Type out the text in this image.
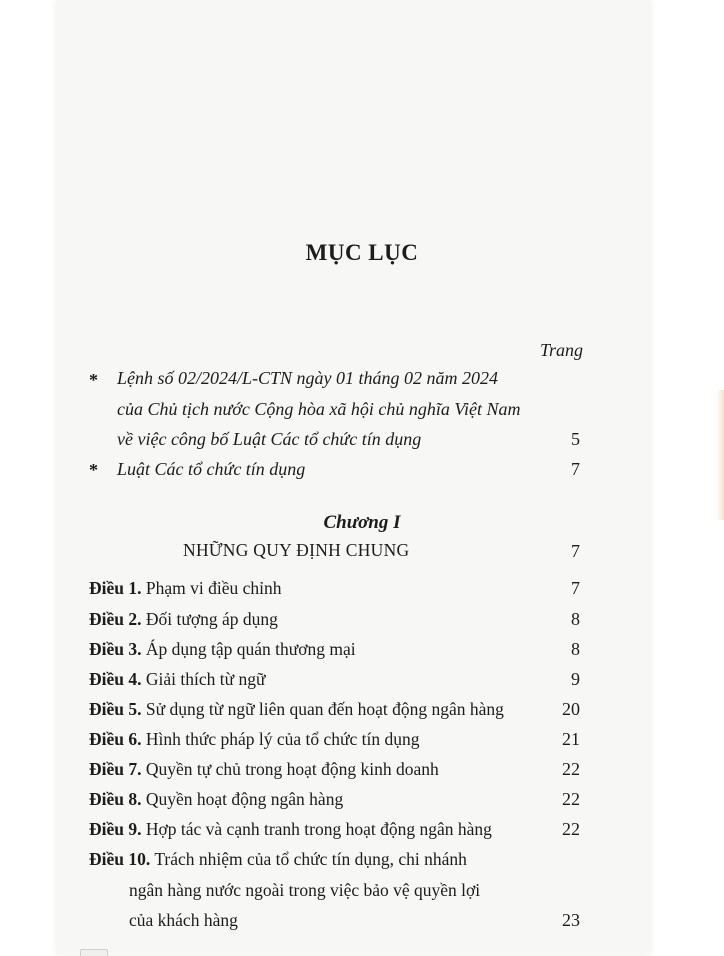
MỤC LỤC
Trang
* Lệnh số 02/2024/L-CTN ngày 01 tháng 02 năm 2024
của Chủ tịch nước Cộng hòa xã hội chủ nghĩa Việt Nam
về việc công bố Luật Các tổ chức tín dụng	5
* Luật Các tổ chức tín dụng	7
Chương I
NHỮNG QUY ĐỊNH CHUNG	7
Điều 1. Phạm vi điều chỉnh	7
Điều 2. Đối tượng áp dụng	8
Điều 3. Áp dụng tập quán thương mại	8
Điều 4. Giải thích từ ngữ	9
Điều 5. Sử dụng từ ngữ liên quan đến hoạt động ngân hàng	20
Điều 6. Hình thức pháp lý của tổ chức tín dụng	21
Điều 7. Quyền tự chủ trong hoạt động kinh doanh	22
Điều 8. Quyền hoạt động ngân hàng	22
Điều 9. Hợp tác và cạnh tranh trong hoạt động ngân hàng	22
Điều 10. Trách nhiệm của tổ chức tín dụng, chi nhánh
ngân hàng nước ngoài trong việc bảo vệ quyền lợi
của khách hàng	23
